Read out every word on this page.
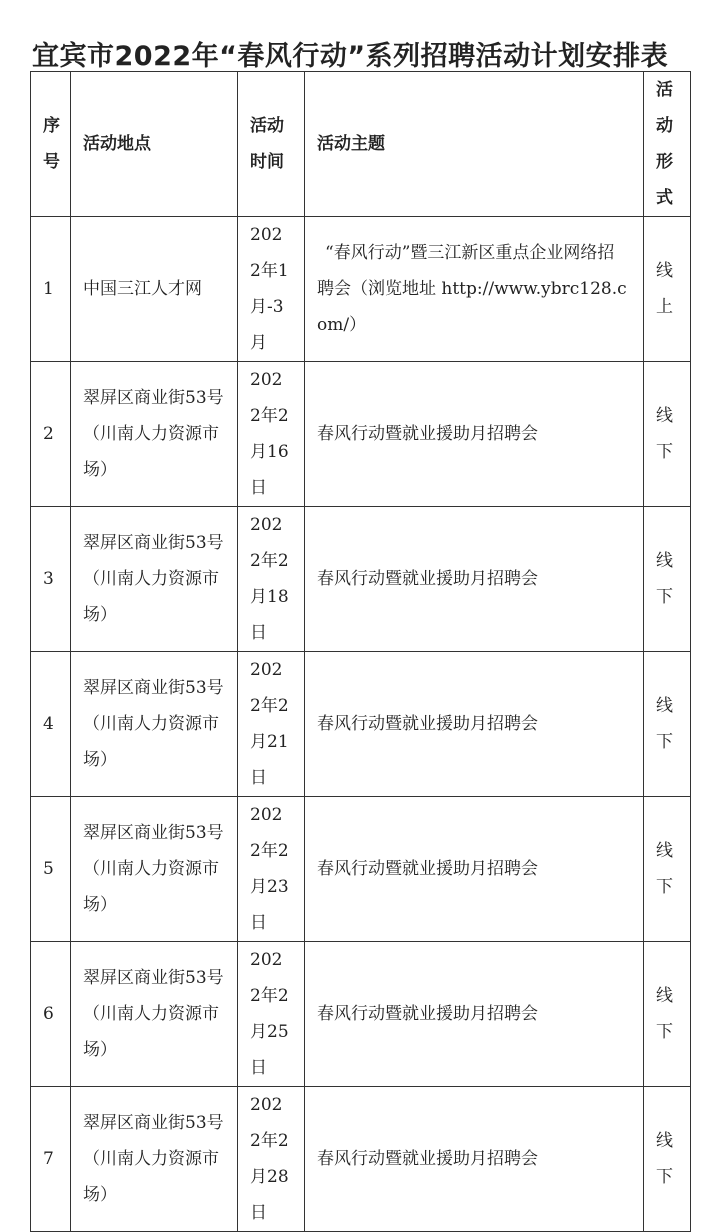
宜宾市2022年“春风行动”系列招聘活动计划安排表
序号	活动地点	活动时间	活动主题	活动形式
1	中国三江人才网	2022年1月-3月	“春风行动”暨三江新区重点企业网络招聘会（浏览地址 http://www.ybrc128.com/）	线上
2	翠屏区商业街53号（川南人力资源市场）	2022年2月16日	春风行动暨就业援助月招聘会	线下
3	翠屏区商业街53号（川南人力资源市场）	2022年2月18日	春风行动暨就业援助月招聘会	线下
4	翠屏区商业街53号（川南人力资源市场）	2022年2月21日	春风行动暨就业援助月招聘会	线下
5	翠屏区商业街53号（川南人力资源市场）	2022年2月23日	春风行动暨就业援助月招聘会	线下
6	翠屏区商业街53号（川南人力资源市场）	2022年2月25日	春风行动暨就业援助月招聘会	线下
7	翠屏区商业街53号（川南人力资源市场）	2022年2月28日	春风行动暨就业援助月招聘会	线下
